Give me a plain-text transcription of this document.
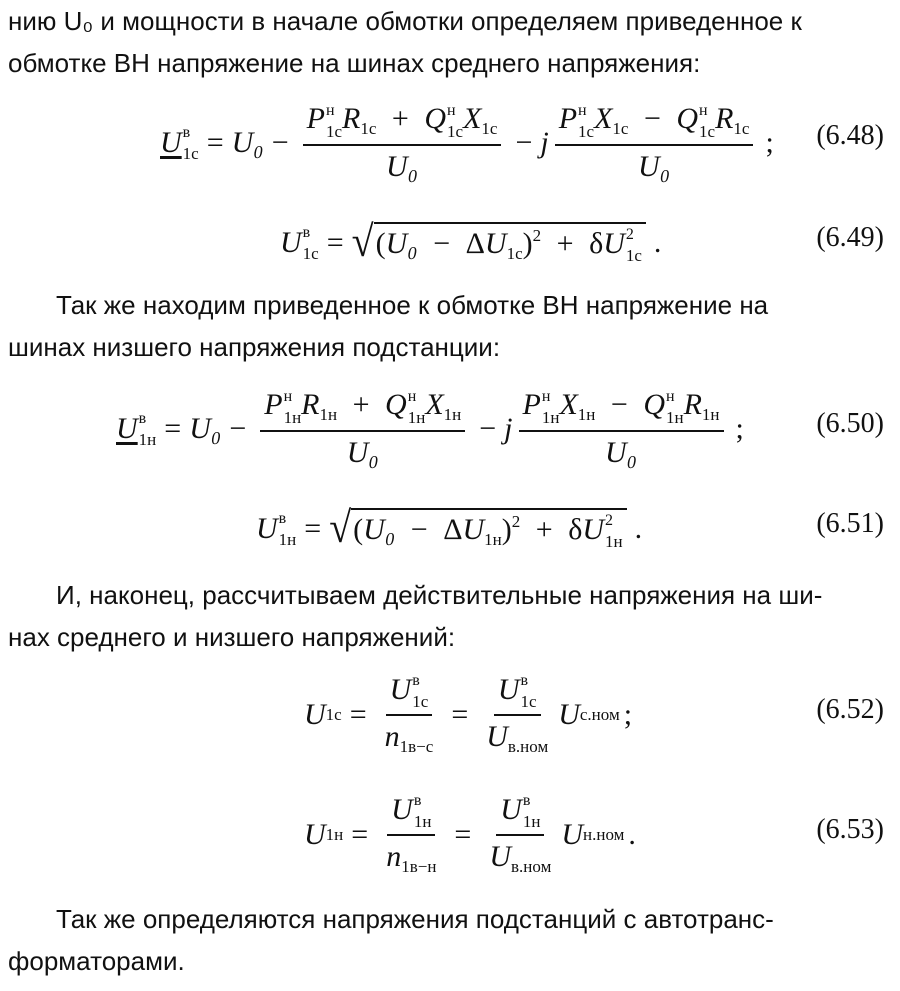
нию U₀ и мощности в начале обмотки определяем приведенное к
обмотке ВН напряжение на шинах среднего напряжения:
U в
1с = U₀ − P н
1с $R_{1с} + Q$ н
1с $X_{1с}$
U₀ − j P н
1с $X_{1с} - Q$ н
1с $R_{1с}$
U₀ ; (6.48)
U в
1с = √ $(U_0 - \Delta U_{1с})^2 + \delta U$ 2
1с .	(6.49)
Так же находим приведенное к обмотке ВН напряжение на
шинах низшего напряжения подстанции:
U в
1н = U₀ − P н
1н $R_{1н} + Q$ н
1н $X_{1н}$
U₀ − j P н
1н $X_{1н} - Q$ н
1н $R_{1н}$
U₀ ;	(6.50)
U в
1н = √ $(U_0 - \Delta U_{1н})^2 + \delta U$ 2
1н .	(6.51)
И, наконец, рассчитываем действительные напряжения на ши-
нах среднего и низшего напряжений:
U 1с = U в
1с
$n_{1в-с} = U$ в
1с
$U_{в.ном}$ U с.ном ;	(6.52)
U 1н = U в
1н
$n_{1в-н} = U$ в
1н
$U_{в.ном}$ U н.ном .	(6.53)
Так же определяются напряжения подстанций с автотранс-
форматорами.
